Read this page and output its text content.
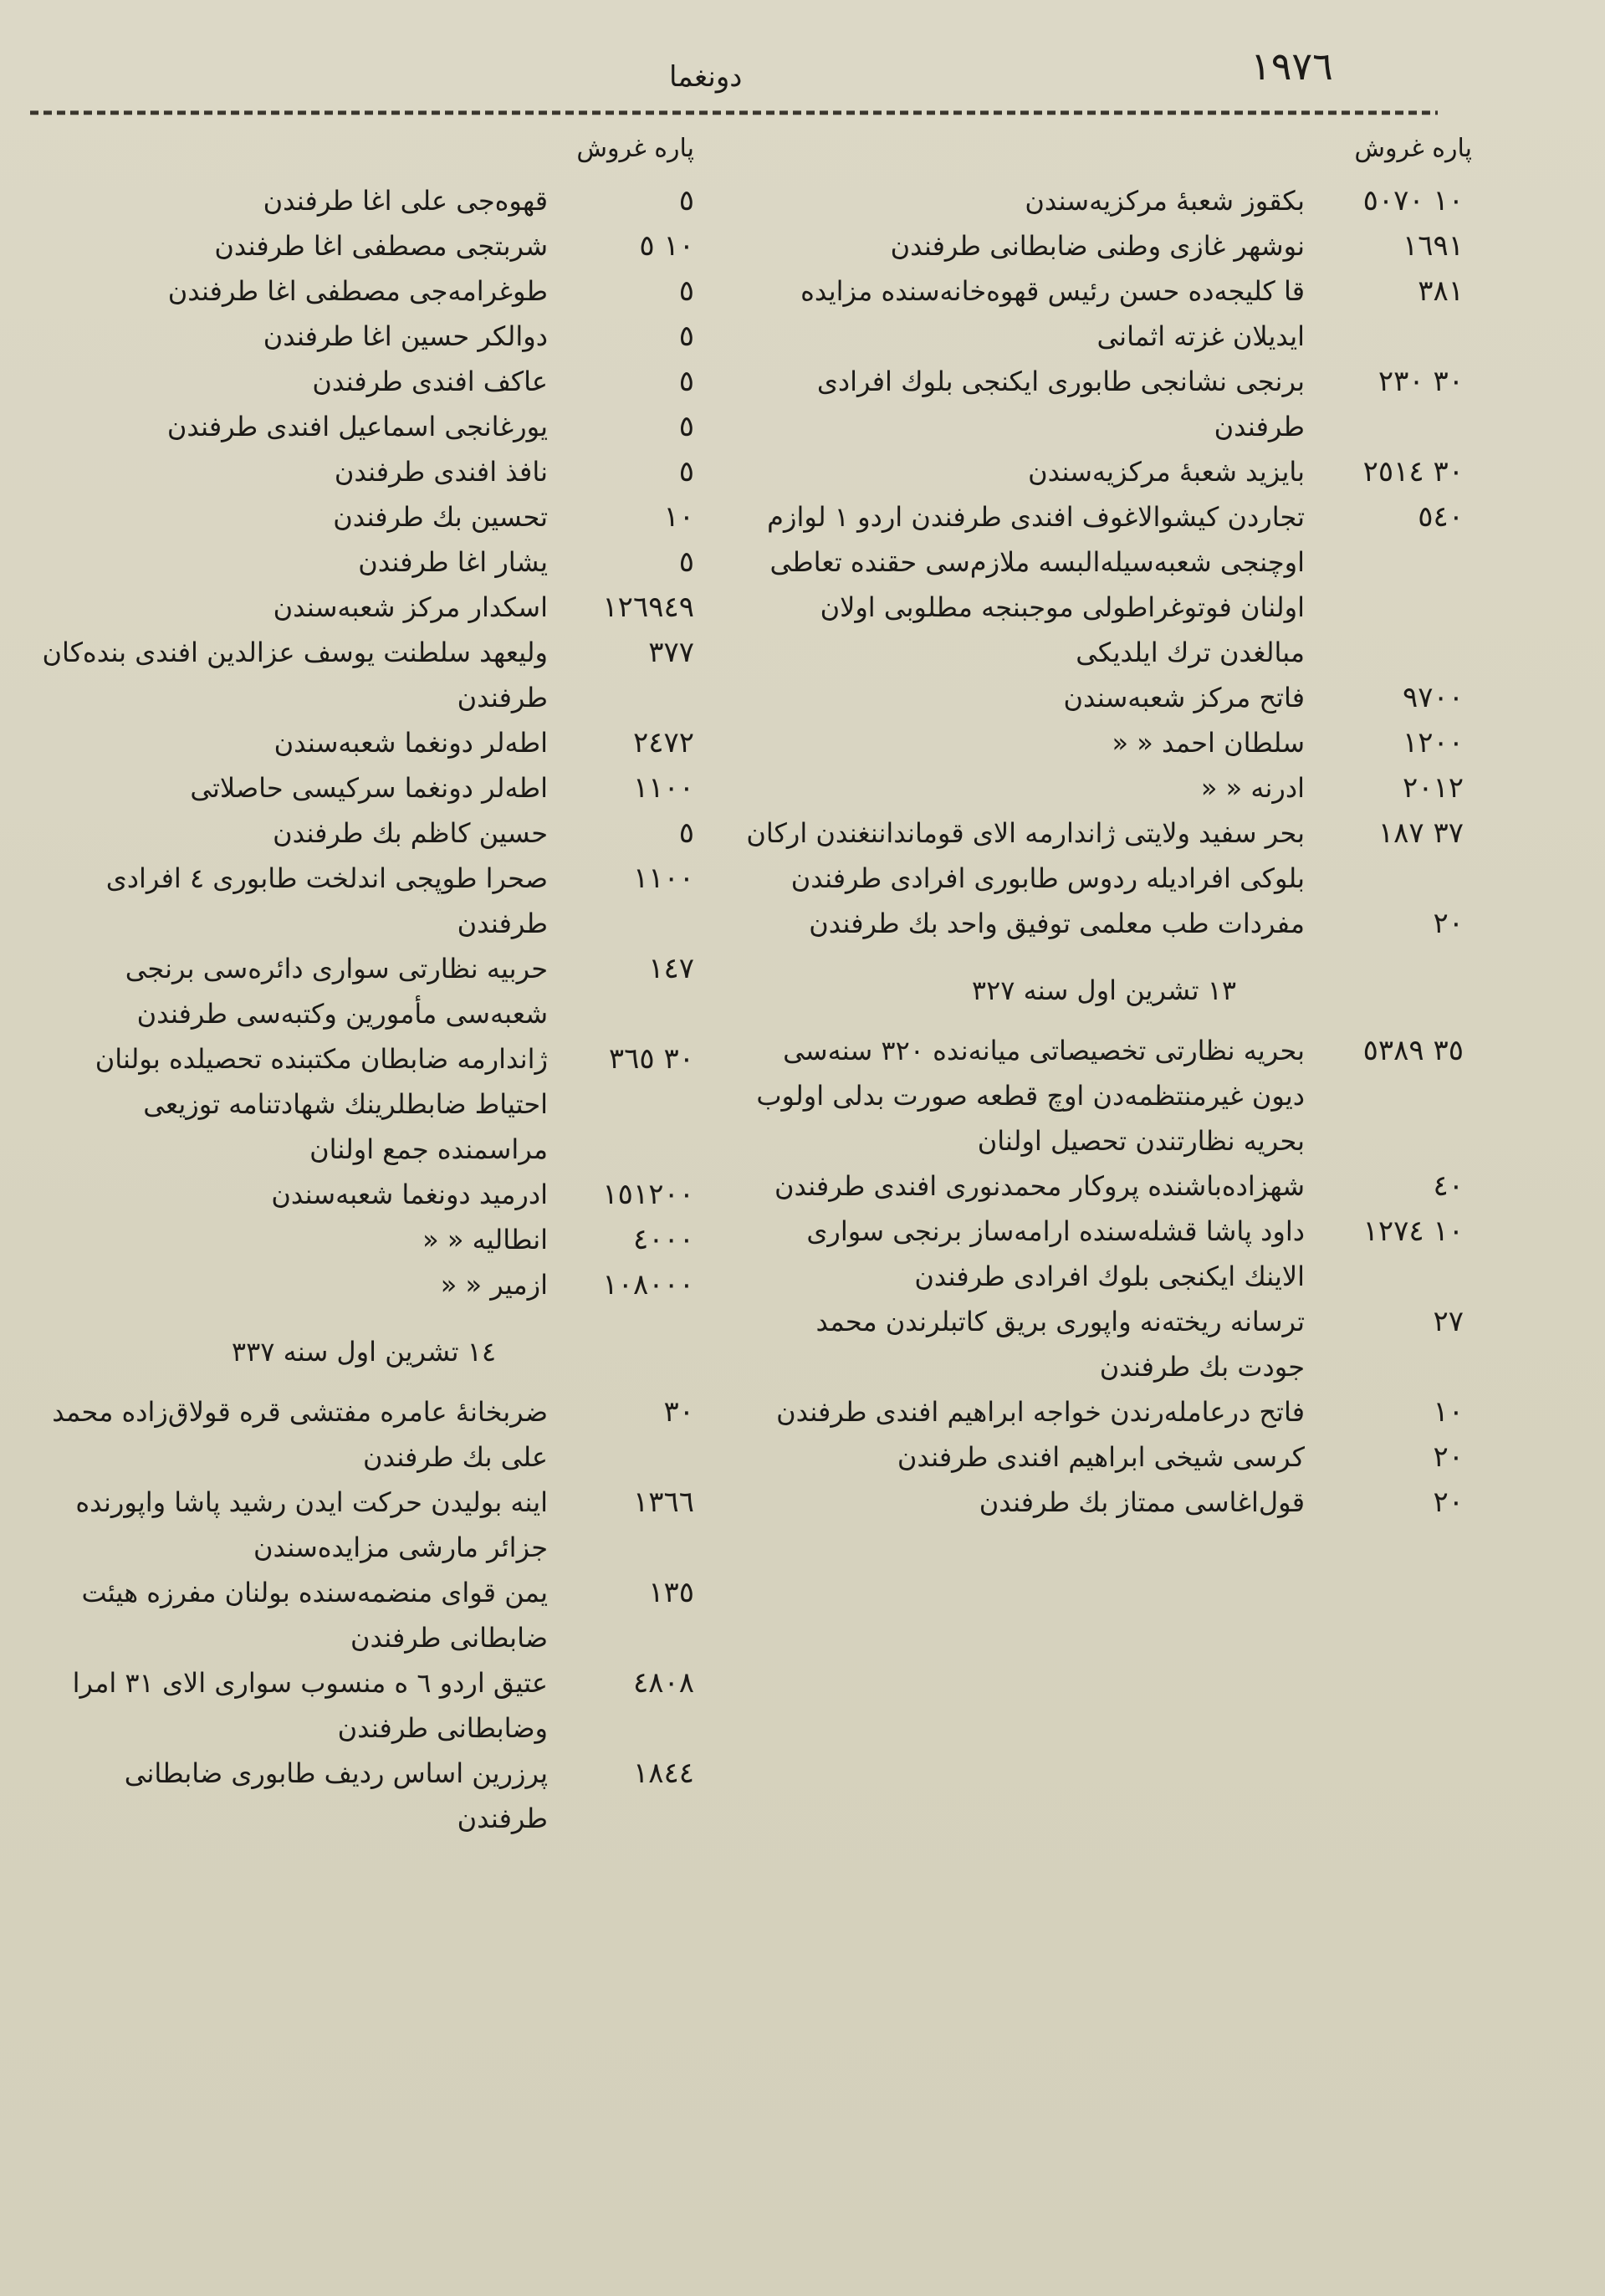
١٩٧٦
دونغما
پاره غروش
١٠ ٥٠٧٠
بكقوز شعبهٔ مركزیه‌سندن
١٦٩١
نوشهر غازی وطنی ضابطانی طرفندن
٣٨١
قا كلیجه‌ده حسن رئیس قهوه‌خانه‌سنده مزایده ایدیلان غزته اثمانی
٣٠ ٢٣٠
برنجی نشانجی طابوری ایكنجی بلوك افرادی طرفندن
٣٠ ٢٥١٤
بایزید شعبهٔ مركزیه‌سندن
٥٤٠
تجاردن كیشوالاغوف افندی طرفندن اردو ١ لوازم اوچنجی شعبه‌سیله‌البسه ملازم‌سی حقنده تعاطی اولنان فوتوغراطولی موجبنجه مطلوبی اولان مبالغدن ترك ایلدیكی
٩٧٠٠
فاتح مركز شعبه‌سندن
١٢٠٠
سلطان احمد « «
٢٠١٢
ادرنه « «
٣٧ ١٨٧
بحر سفید ولایتی ژاندارمه الای قومانداننغندن اركان بلوكی افرادیله ردوس طابوری افرادی طرفندن
٢٠
مفردات طب معلمی توفیق واحد بك طرفندن
١٣ تشرین اول سنه ٣٢٧
٣٥ ٥٣٨٩
بحریه نظارتی تخصیصاتی میانه‌نده ٣٢٠ سنه‌سی دیون غیرمنتظمه‌دن اوچ قطعه صورت بدلی اولوب بحریه نظارتندن تحصیل اولنان
٤٠
شهزاده‌باشنده پروكار محمدنوری افندی طرفندن
١٠ ١٢٧٤
داود پاشا قشله‌سنده ارامه‌ساز برنجی سواری الاینك ایكنجی بلوك افرادی طرفندن
٢٧
ترسانه ریخته‌نه واپوری بریق كاتبلرندن محمد جودت بك طرفندن
١٠
فاتح درعامله‌رندن خواجه ابراهیم افندی طرفندن
٢٠
كرسی شیخی ابراهیم افندی طرفندن
٢٠
قول‌اغاسی ممتاز بك طرفندن
پاره غروش
٥
قهوه‌جی علی اغا طرفندن
١٠ ٥
شربتجی مصطفی اغا طرفندن
٥
طوغرامه‌جی مصطفی اغا طرفندن
٥
دوالكر حسین اغا طرفندن
٥
عاكف افندی طرفندن
٥
یورغانجی اسماعیل افندی طرفندن
٥
نافذ افندی طرفندن
١٠
تحسین بك طرفندن
٥
یشار اغا طرفندن
١٢٦٩٤٩
اسكدار مركز شعبه‌سندن
٣٧٧
ولیعهد سلطنت یوسف عزالدین افندی بنده‌كان طرفندن
٢٤٧٢
اطه‌لر دونغما شعبه‌سندن
١١٠٠
اطه‌لر دونغما سركیسی حاصلاتی
٥
حسین كاظم بك طرفندن
١١٠٠
صحرا طوپجی اندلخت طابوری ٤ افرادی طرفندن
١٤٧
حربیه نظارتی سواری دائره‌سی برنجی شعبه‌سی مأمورین وكتبه‌سی طرفندن
٣٠ ٣٦٥
ژاندارمه ضابطان مكتبنده تحصیلده بولنان احتیاط ضابطلرینك شهادتنامه توزیعی مراسمنده جمع اولنان
١٥١٢٠٠
ادرمید دونغما شعبه‌سندن
٤٠٠٠
انطالیه « «
١٠٨٠٠٠
ازمیر « «
١٤ تشرین اول سنه ٣٣٧
٣٠
ضربخانهٔ عامره مفتشی قره قولاق‌زاده محمد علی بك طرفندن
١٣٦٦
اینه بولیدن حركت ایدن رشید پاشا واپورنده جزائر مارشی مزایده‌سندن
١٣٥
یمن قوای منضمه‌سنده بولنان مفرزه هیئت ضابطانی طرفندن
٤٨٠٨
عتیق اردو ٦ ه منسوب سواری الای ٣١ امرا وضابطانی طرفندن
١٨٤٤
پرزرین اساس ردیف طابوری ضابطانی طرفندن
